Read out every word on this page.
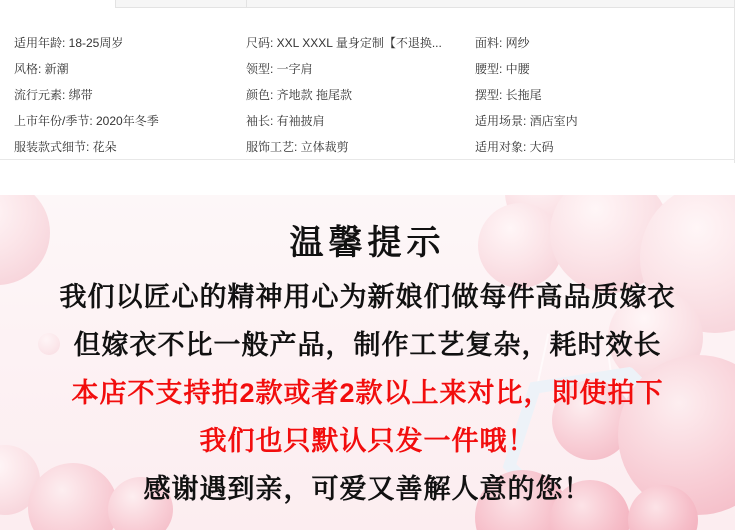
适用年龄: 18-25周岁
风格: 新潮
流行元素: 绑带
上市年份/季节: 2020年冬季
服装款式细节: 花朵
尺码: XXL XXXL 量身定制【不退换...
领型: 一字肩
颜色: 齐地款 拖尾款
袖长: 有袖披肩
服饰工艺: 立体裁剪
面料: 网纱
腰型: 中腰
摆型: 长拖尾
适用场景: 酒店室内
适用对象: 大码
温馨提示
我们以匠心的精神用心为新娘们做每件高品质嫁衣
但嫁衣不比一般产品，制作工艺复杂，耗时效长
本店不支持拍2款或者2款以上来对比，即使拍下
我们也只默认只发一件哦！
感谢遇到亲，可爱又善解人意的您！
